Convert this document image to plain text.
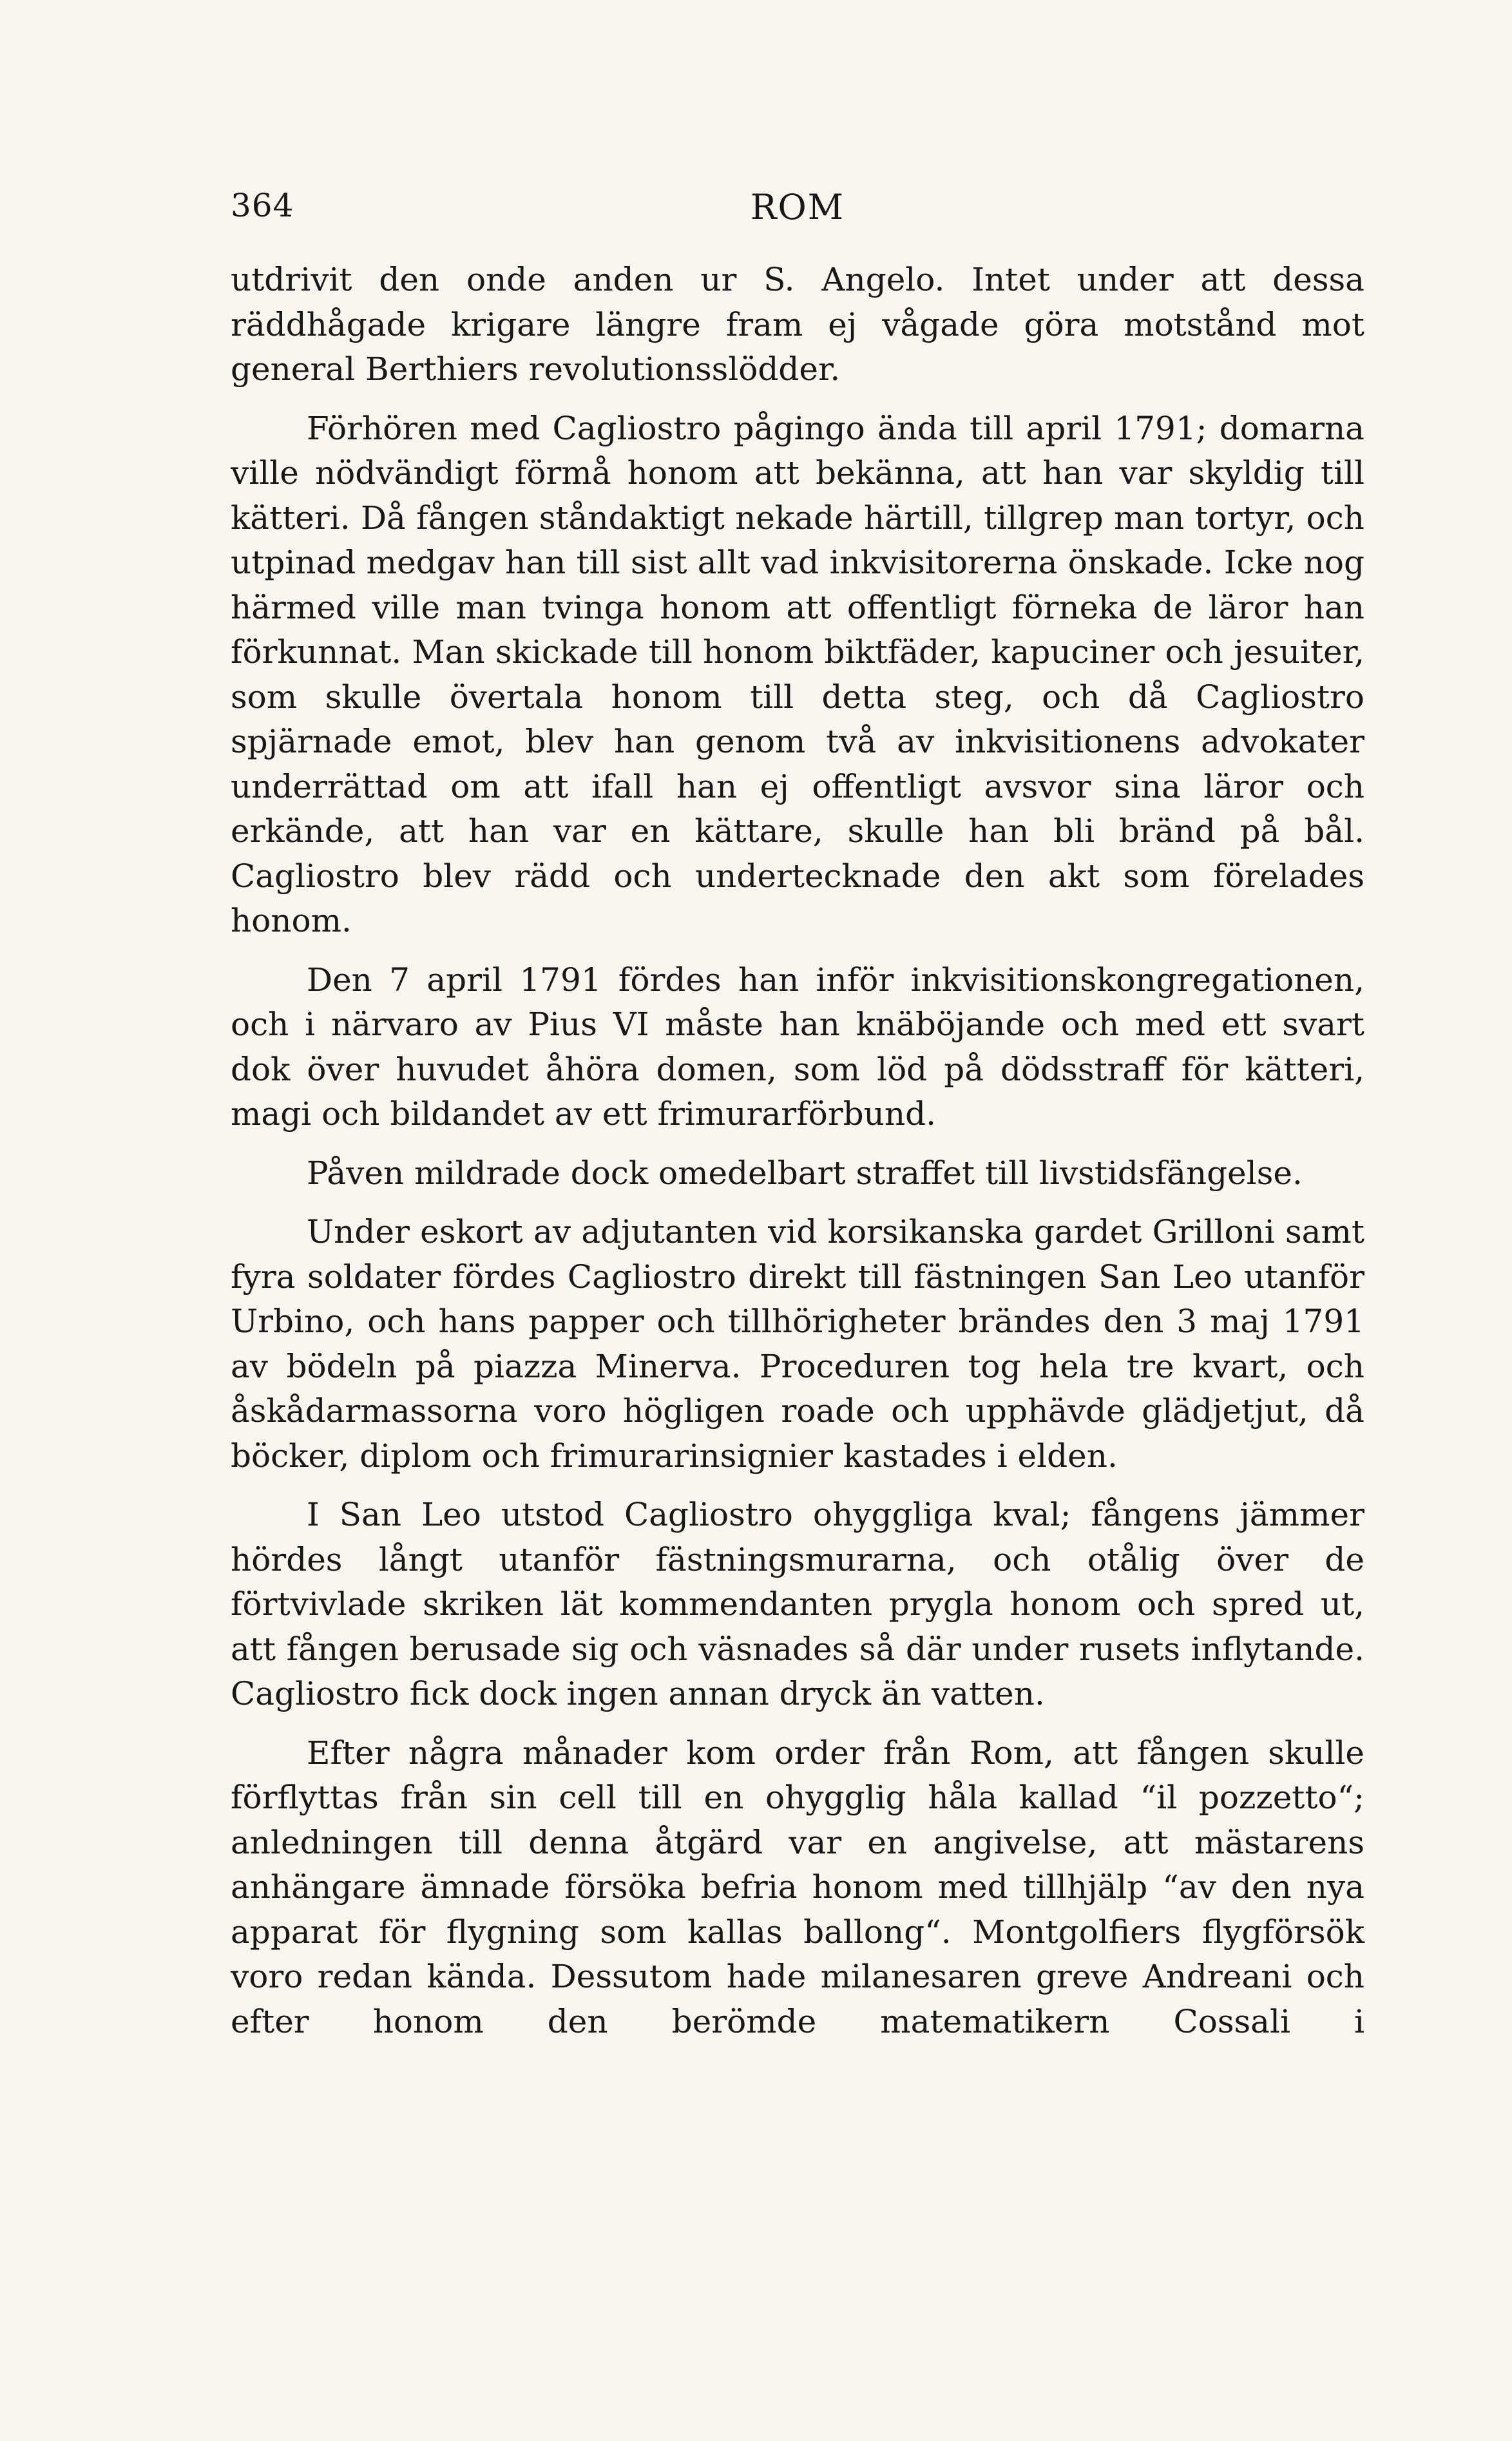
364	ROM

utdrivit den onde anden ur S. Angelo. Intet under att dessa räddhågade krigare längre fram ej vågade göra motstånd mot general Berthiers revolutionsslödder.

Förhören med Cagliostro pågingo ända till april 1791; domarna ville nödvändigt förmå honom att bekänna, att han var skyldig till kätteri. Då fången ståndaktigt nekade härtill, tillgrep man tortyr, och utpinad medgav han till sist allt vad inkvisitorerna önskade. Icke nog härmed ville man tvinga honom att offentligt förneka de läror han förkunnat. Man skickade till honom biktfäder, kapuciner och jesuiter, som skulle övertala honom till detta steg, och då Cagliostro spjärnade emot, blev han genom två av inkvisitionens advokater underrättad om att ifall han ej offentligt avsvor sina läror och erkände, att han var en kättare, skulle han bli bränd på bål. Cagliostro blev rädd och undertecknade den akt som förelades honom.

Den 7 april 1791 fördes han inför inkvisitionskongregationen, och i närvaro av Pius VI måste han knäböjande och med ett svart dok över huvudet åhöra domen, som löd på dödsstraff för kätteri, magi och bildandet av ett frimurarförbund.

Påven mildrade dock omedelbart straffet till livstidsfängelse.

Under eskort av adjutanten vid korsikanska gardet Grilloni samt fyra soldater fördes Cagliostro direkt till fästningen San Leo utanför Urbino, och hans papper och tillhörigheter brändes den 3 maj 1791 av bödeln på piazza Minerva. Proceduren tog hela tre kvart, och åskådarmassorna voro högligen roade och upphävde glädjetjut, då böcker, diplom och frimurarinsignier kastades i elden.

I San Leo utstod Cagliostro ohyggliga kval; fångens jämmer hördes långt utanför fästningsmurarna, och otålig över de förtvivlade skriken lät kommendanten prygla honom och spred ut, att fången berusade sig och väsnades så där under rusets inflytande. Cagliostro fick dock ingen annan dryck än vatten.

Efter några månader kom order från Rom, att fången skulle förflyttas från sin cell till en ohygglig håla kallad “il pozzetto“; anledningen till denna åtgärd var en angivelse, att mästarens anhängare ämnade försöka befria honom med tillhjälp “av den nya apparat för flygning som kallas ballong“. Montgolfiers flygförsök voro redan kända. Dessutom hade milanesaren greve Andreani och efter honom den berömde matematikern Cossali i
